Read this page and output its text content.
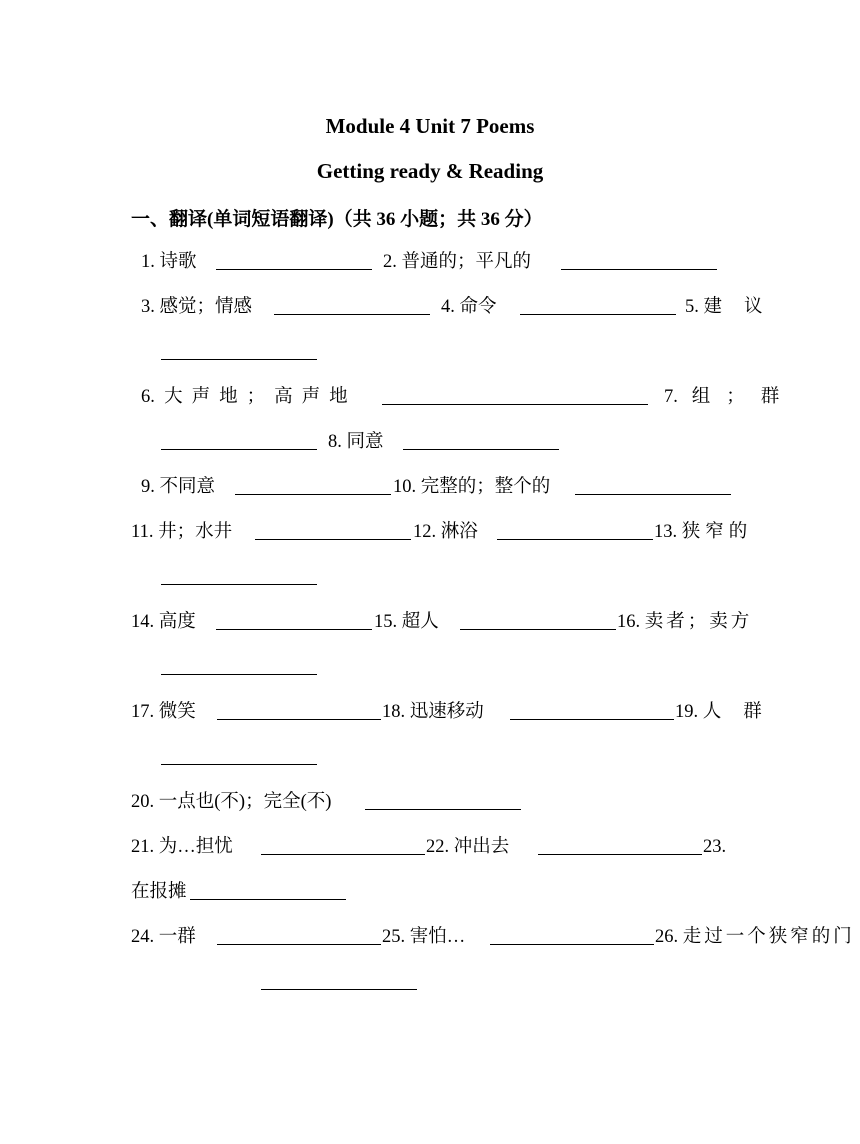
Module 4 Unit 7 Poems
Getting ready & Reading
一、翻译(单词短语翻译)（共 36 小题；共 36 分）
1. 诗歌	2. 普通的；平凡的
3. 感觉；情感	4. 命令	5. 建议
6. 大声地；高声地	7. 组；群
8. 同意
9. 不同意	10. 完整的；整个的
11. 井；水井	12. 淋浴	13. 狭窄的
14. 高度	15. 超人	16. 卖者；卖方
17. 微笑	18. 迅速移动	19. 人群
20. 一点也(不)；完全(不)
21. 为…担忧	22. 冲出去	23.
在报摊
24. 一群	25. 害怕…	26. 走过一个狭窄的门
